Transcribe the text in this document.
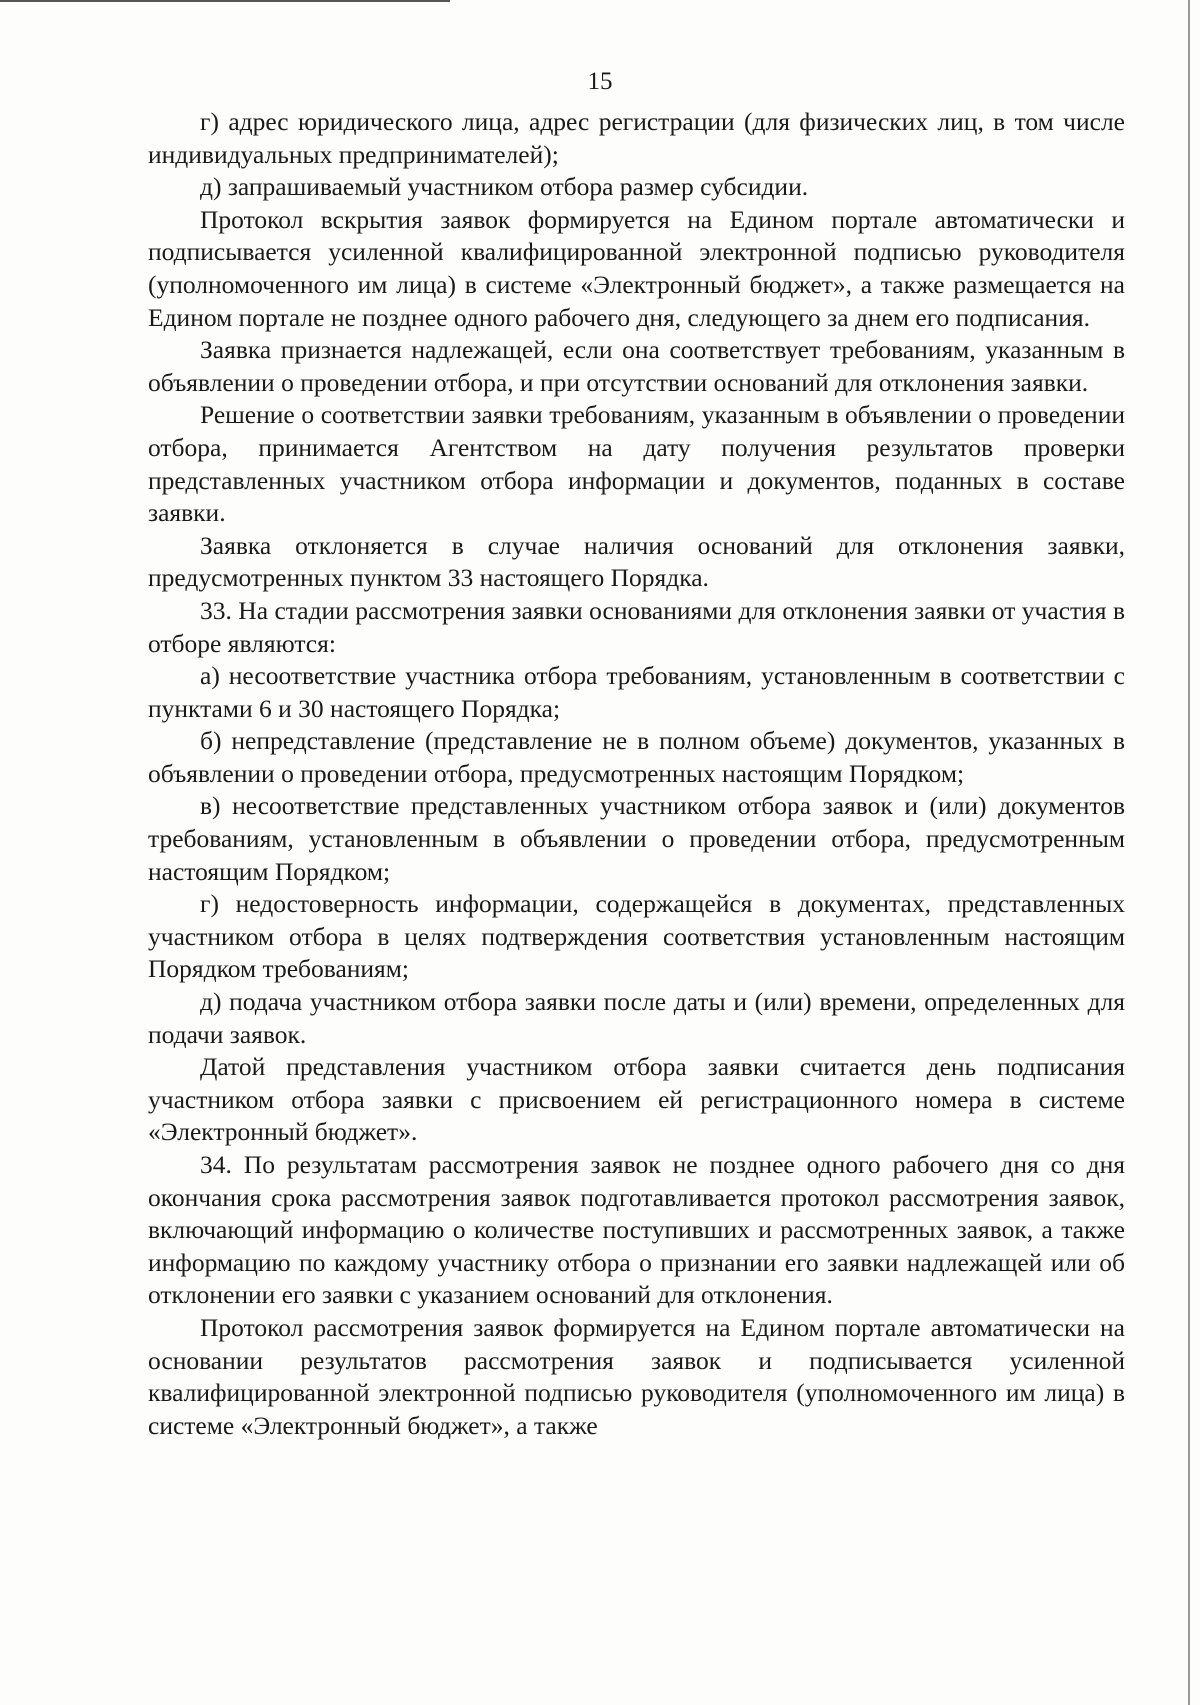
15

г) адрес юридического лица, адрес регистрации (для физических лиц, в том числе индивидуальных предпринимателей);

д) запрашиваемый участником отбора размер субсидии.

Протокол вскрытия заявок формируется на Едином портале автоматически и подписывается усиленной квалифицированной электронной подписью руководителя (уполномоченного им лица) в системе «Электронный бюджет», а также размещается на Едином портале не позднее одного рабочего дня, следующего за днем его подписания.

Заявка признается надлежащей, если она соответствует требованиям, указанным в объявлении о проведении отбора, и при отсутствии оснований для отклонения заявки.

Решение о соответствии заявки требованиям, указанным в объявлении о проведении отбора, принимается Агентством на дату получения результатов проверки представленных участником отбора информации и документов, поданных в составе заявки.

Заявка отклоняется в случае наличия оснований для отклонения заявки, предусмотренных пунктом 33 настоящего Порядка.

33. На стадии рассмотрения заявки основаниями для отклонения заявки от участия в отборе являются:

а) несоответствие участника отбора требованиям, установленным в соответствии с пунктами 6 и 30 настоящего Порядка;

б) непредставление (представление не в полном объеме) документов, указанных в объявлении о проведении отбора, предусмотренных настоящим Порядком;

в) несоответствие представленных участником отбора заявок и (или) документов требованиям, установленным в объявлении о проведении отбора, предусмотренным настоящим Порядком;

г) недостоверность информации, содержащейся в документах, представленных участником отбора в целях подтверждения соответствия установленным настоящим Порядком требованиям;

д) подача участником отбора заявки после даты и (или) времени, определенных для подачи заявок.

Датой представления участником отбора заявки считается день подписания участником отбора заявки с присвоением ей регистрационного номера в системе «Электронный бюджет».

34. По результатам рассмотрения заявок не позднее одного рабочего дня со дня окончания срока рассмотрения заявок подготавливается протокол рассмотрения заявок, включающий информацию о количестве поступивших и рассмотренных заявок, а также информацию по каждому участнику отбора о признании его заявки надлежащей или об отклонении его заявки с указанием оснований для отклонения.

Протокол рассмотрения заявок формируется на Едином портале автоматически на основании результатов рассмотрения заявок и подписывается усиленной квалифицированной электронной подписью руководителя (уполномоченного им лица) в системе «Электронный бюджет», а также
